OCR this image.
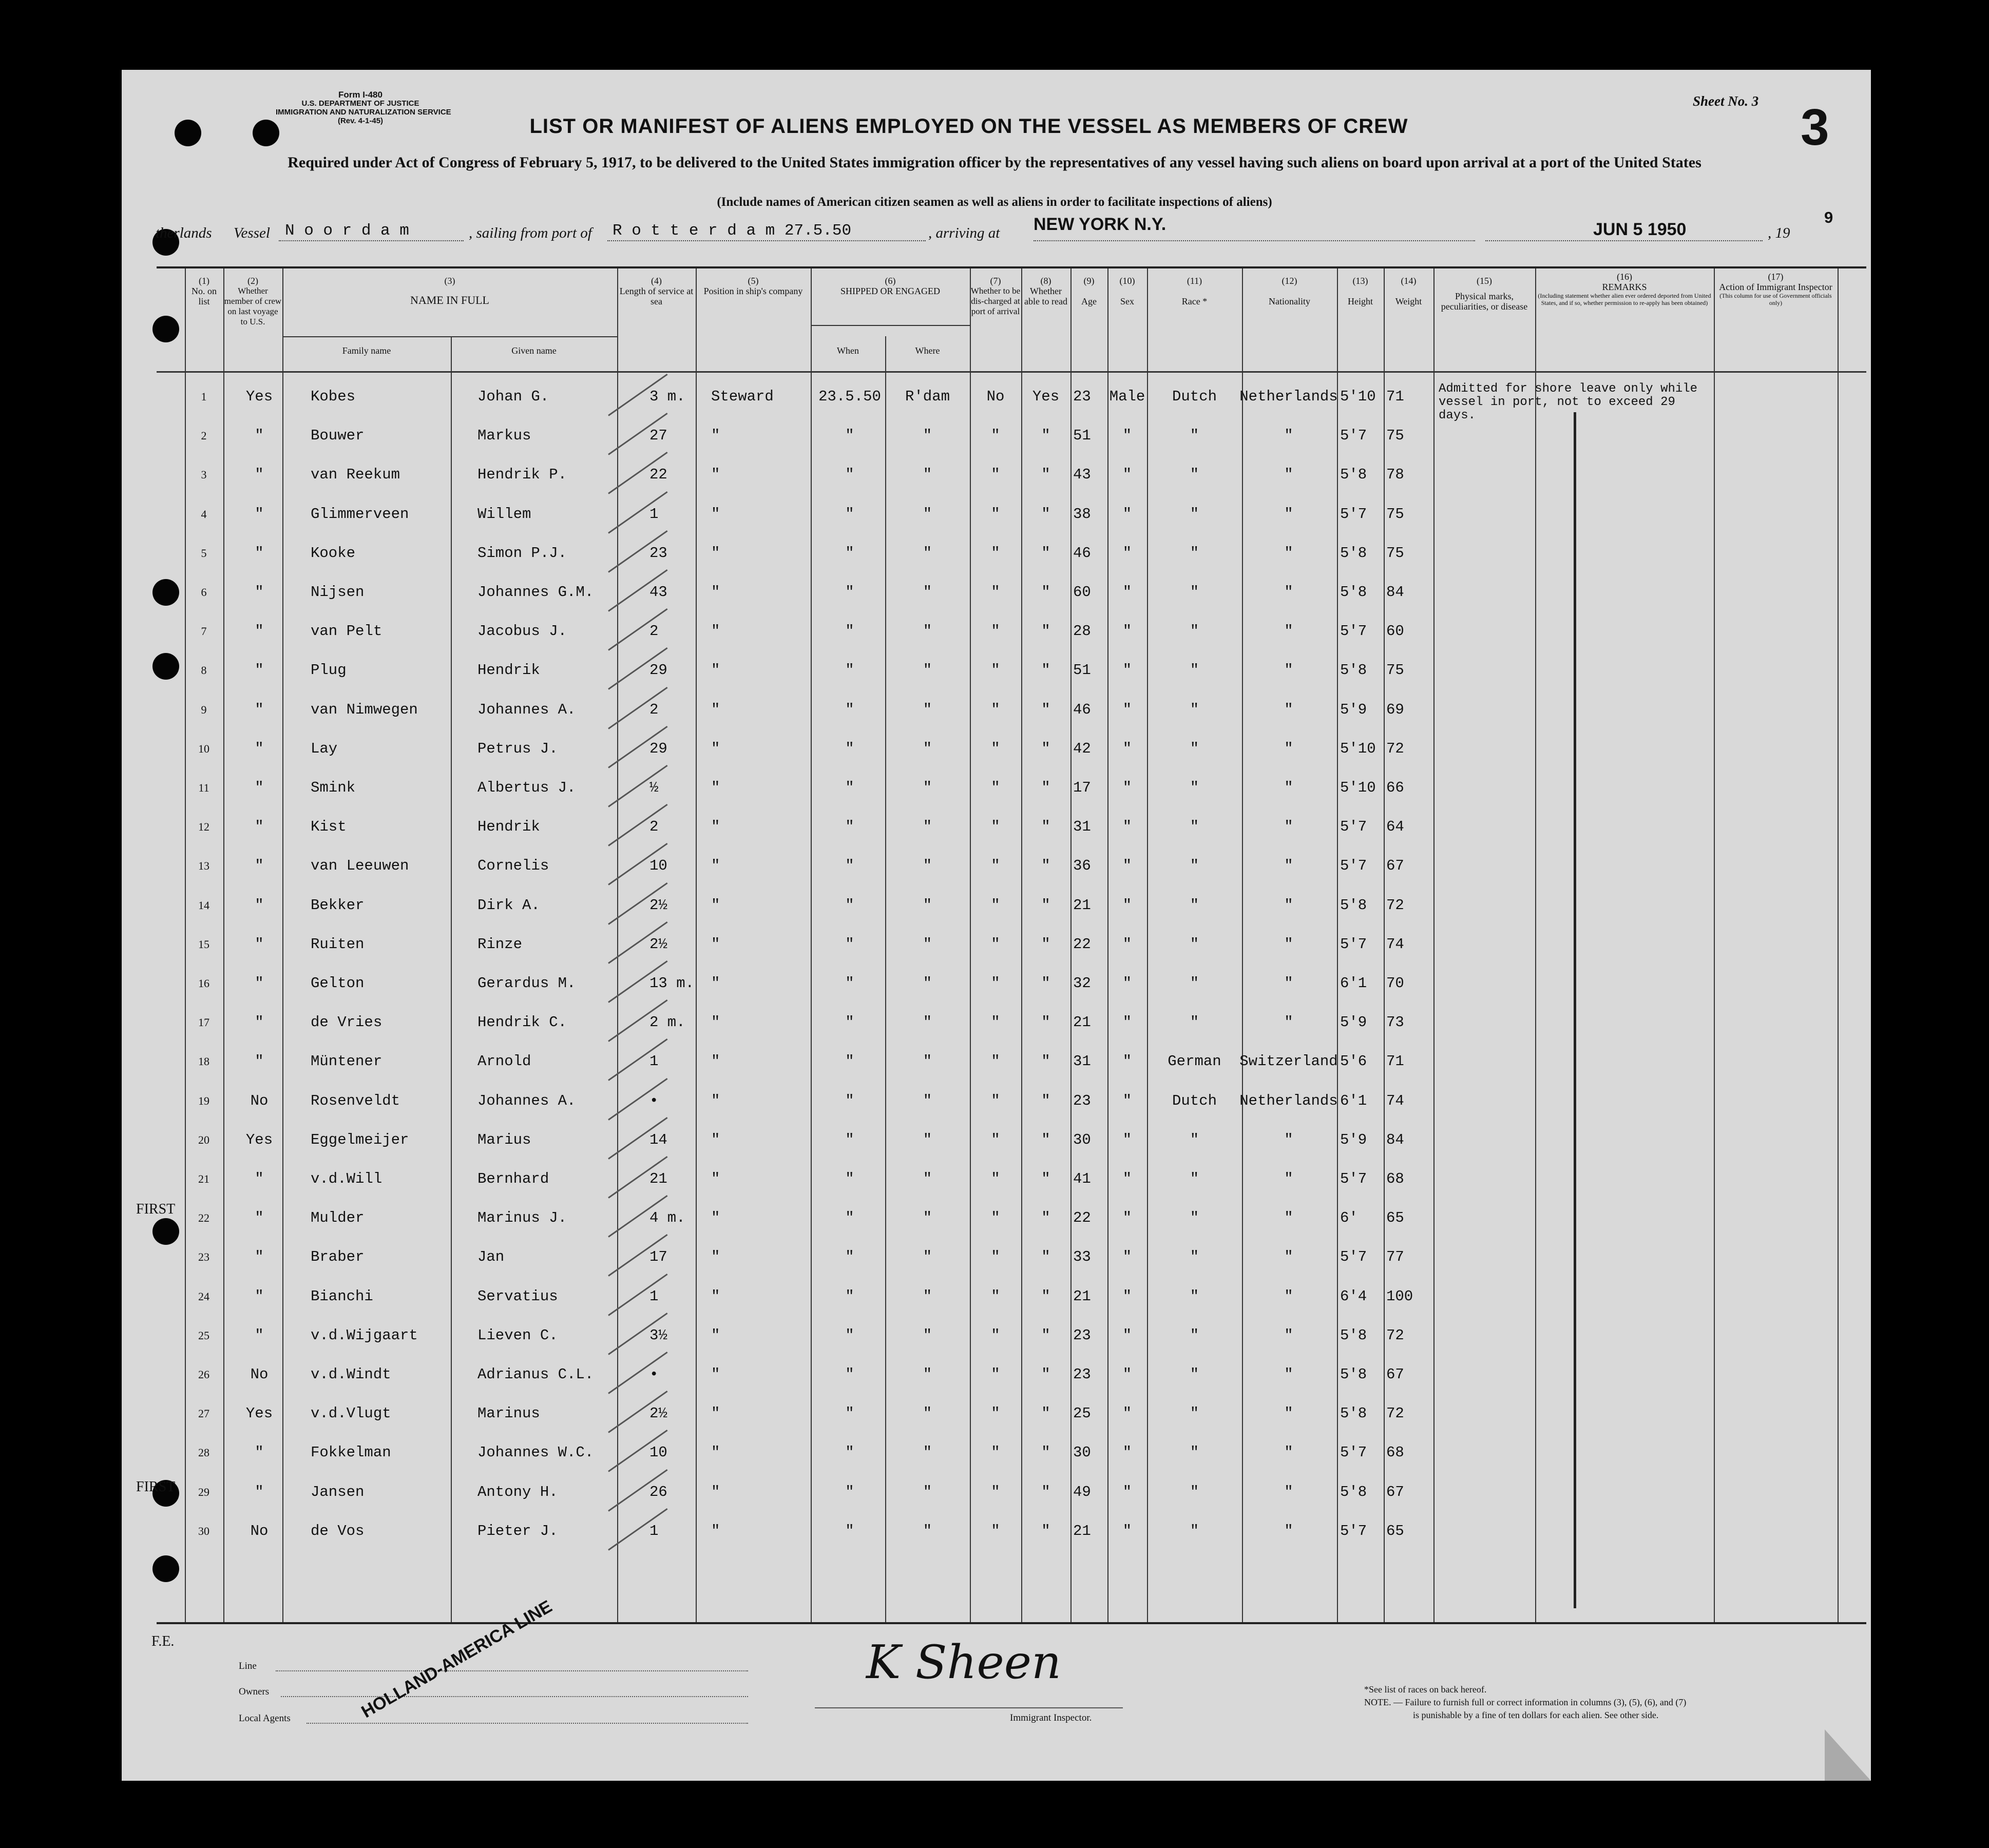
Form I-480
U.S. DEPARTMENT OF JUSTICE
IMMIGRATION AND NATURALIZATION SERVICE
(Rev. 4-1-45)
Sheet No. 3 3
LIST OR MANIFEST OF ALIENS EMPLOYED ON THE VESSEL AS MEMBERS OF CREW
Required under Act of Congress of February 5, 1917, to be delivered to the United States immigration officer by the representatives of any vessel having such aliens on board upon arrival at a port of the United States
(Include names of American citizen seamen as well as aliens in order to facilitate inspections of aliens)
therlands Vessel N o o r d a m	, sailing from port of R o t t e r d a m 27.5.50	, arriving at NEW YORK N.Y.	JUN 5 1950	, 19
9
(1)
No. on list
(2)
Whether member of crew on last voyage to U.S.
(3)
NAME IN FULL
Family name	Given name
(4)
Length of service at sea
(5)
Position in ship's company
(6)
SHIPPED OR ENGAGED
When	Where
(7)
Whether to be dis-charged at port of arrival
(8)
Whether able to read
(9)
Age
(10)
Sex
(11)
Race *
(12)
Nationality
(13)
Height
(14)
Weight
(15)
Physical marks, peculiarities, or disease
(16)
REMARKS
(Including statement whether alien ever ordered deported from United States, and if so, whether permission to re-apply has been obtained)
(17)
Action of Immigrant Inspector
(This column for use of Government officials only)
Admitted for shore leave only while vessel in port, not to exceed 29 days.
FIRST
FIRST
F.E.
1	Yes	Kobes	Johan G.	3 m. Steward	23.5.50	R'dam	No	Yes 23 Male	Dutch	Netherlands 5'10 71
2	"	Bouwer	Markus	27	"	"	"	"	"	51	"	"	"	5'7 75
3	"	van Reekum	Hendrik P.	22	"	"	"	"	"	43	"	"	"	5'8 78
4	"	Glimmerveen	Willem	1	"	"	"	"	"	38	"	"	"	5'7 75
5	"	Kooke	Simon P.J.	23	"	"	"	"	"	46	"	"	"	5'8 75
6	"	Nijsen	Johannes G.M.	43	"	"	"	"	"	60	"	"	"	5'8 84
7	"	van Pelt	Jacobus J.	2	"	"	"	"	"	28	"	"	"	5'7 60
8	"	Plug	Hendrik	29	"	"	"	"	"	51	"	"	"	5'8 75
9	"	van Nimwegen	Johannes A.	2	"	"	"	"	"	46	"	"	"	5'9 69
10	"	Lay	Petrus J.	29	"	"	"	"	"	42	"	"	"	5'10 72
11	"	Smink	Albertus J.	½	"	"	"	"	"	17	"	"	"	5'10 66
12	"	Kist	Hendrik	2	"	"	"	"	"	31	"	"	"	5'7 64
13	"	van Leeuwen	Cornelis	10	"	"	"	"	"	36	"	"	"	5'7 67
14	"	Bekker	Dirk A.	2½	"	"	"	"	"	21	"	"	"	5'8 72
15	"	Ruiten	Rinze	2½	"	"	"	"	"	22	"	"	"	5'7 74
16	"	Gelton	Gerardus M.	13 m. "	"	"	"	"	32	"	"	"	6'1 70
17	"	de Vries	Hendrik C.	2 m. "	"	"	"	"	21	"	"	"	5'9 73
18	"	Müntener	Arnold	1	"	"	"	"	"	31	"	German	Switzerland 5'6 71
19	No	Rosenveldt	Johannes A.	•	"	"	"	"	"	23	"	Dutch	Netherlands 6'1 74
20	Yes	Eggelmeijer	Marius	14	"	"	"	"	"	30	"	"	"	5'9 84
21	"	v.d.Will	Bernhard	21	"	"	"	"	"	41	"	"	"	5'7 68
22	"	Mulder	Marinus J.	4 m. "	"	"	"	"	22	"	"	"	6' 65
23	"	Braber	Jan	17	"	"	"	"	"	33	"	"	"	5'7 77
24	"	Bianchi	Servatius	1	"	"	"	"	"	21	"	"	"	6'4 100
25	"	v.d.Wijgaart	Lieven C.	3½	"	"	"	"	"	23	"	"	"	5'8 72
26	No	v.d.Windt	Adrianus C.L.	•	"	"	"	"	"	23	"	"	"	5'8 67
27	Yes	v.d.Vlugt	Marinus	2½	"	"	"	"	"	25	"	"	"	5'8 72
28	"	Fokkelman	Johannes W.C.	10	"	"	"	"	"	30	"	"	"	5'7 68
29	"	Jansen	Antony H.	26	"	"	"	"	"	49	"	"	"	5'8 67
30	No	de Vos	Pieter J.	1	"	"	"	"	"	21	"	"	"	5'7 65
Line
Owners
Local Agents	HOLLAND-AMERICA LINE	K Sheen
Immigrant Inspector.
*See list of races on back hereof.
NOTE. — Failure to furnish full or correct information in columns (3), (5), (6), and (7)
is punishable by a fine of ten dollars for each alien. See other side.
